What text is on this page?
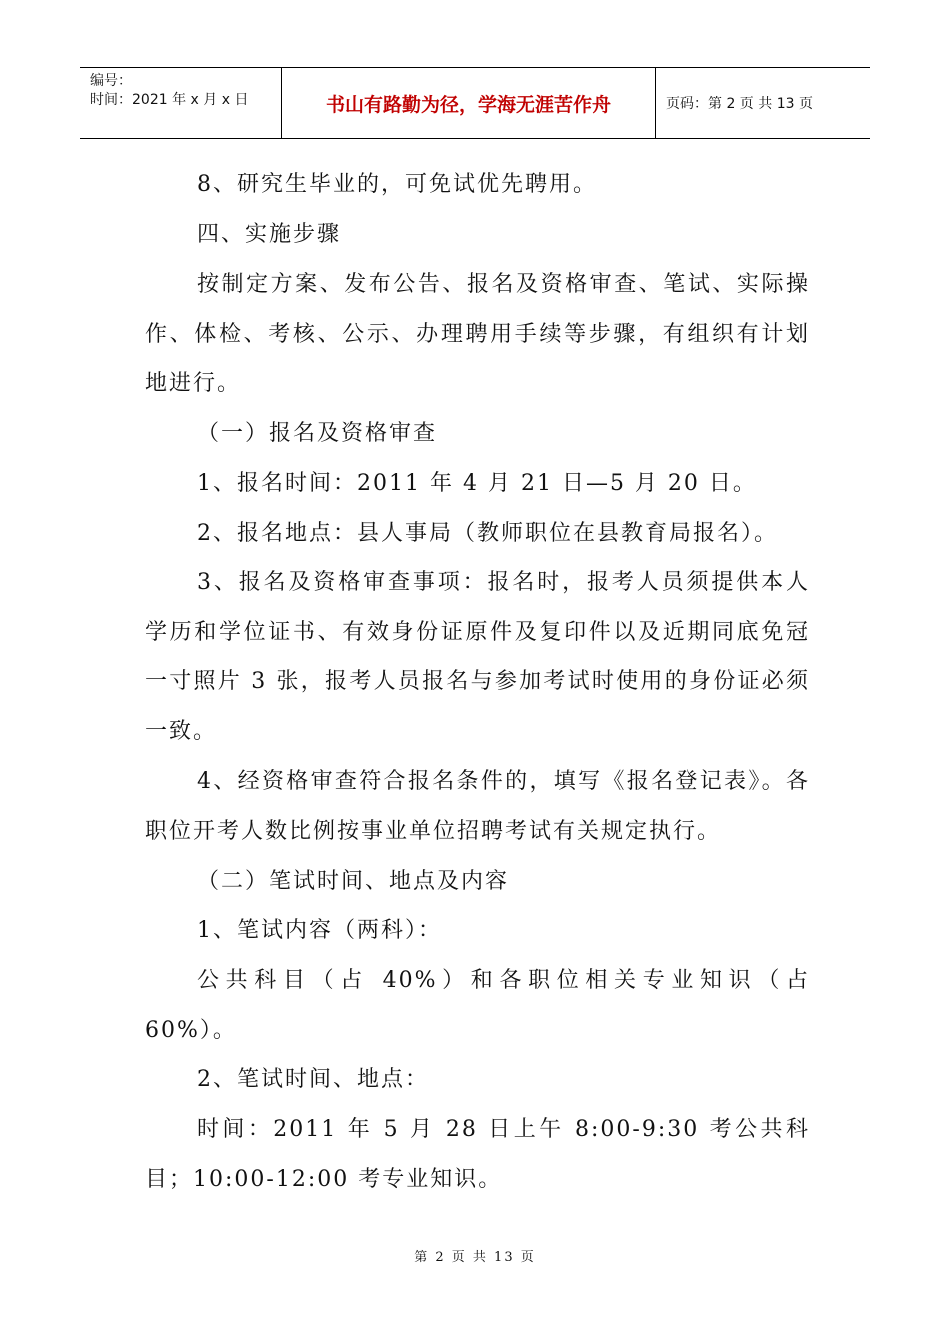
编号：
时间：2021 年 x 月 x 日	书山有路勤为径，学海无涯苦作舟	页码：第 2 页 共 13 页

8、研究生毕业的，可免试优先聘用。

四、实施步骤

按制定方案、发布公告、报名及资格审查、笔试、实际操作、体检、考核、公示、办理聘用手续等步骤，有组织有计划地进行。

（一）报名及资格审查

1、报名时间：2011 年 4 月 21 日—5 月 20 日。

2、报名地点：县人事局（教师职位在县教育局报名）。

3、报名及资格审查事项：报名时，报考人员须提供本人学历和学位证书、有效身份证原件及复印件以及近期同底免冠一寸照片 3 张，报考人员报名与参加考试时使用的身份证必须一致。

4、经资格审查符合报名条件的，填写《报名登记表》。各职位开考人数比例按事业单位招聘考试有关规定执行。

（二）笔试时间、地点及内容

1、笔试内容（两科）：

公共科目（占 40%）和各职位相关专业知识（占 60%）。

2、笔试时间、地点：

时间：2011 年 5 月 28 日上午 8:00-9:30 考公共科目；10:00-12:00 考专业知识。

第 2 页 共 13 页
